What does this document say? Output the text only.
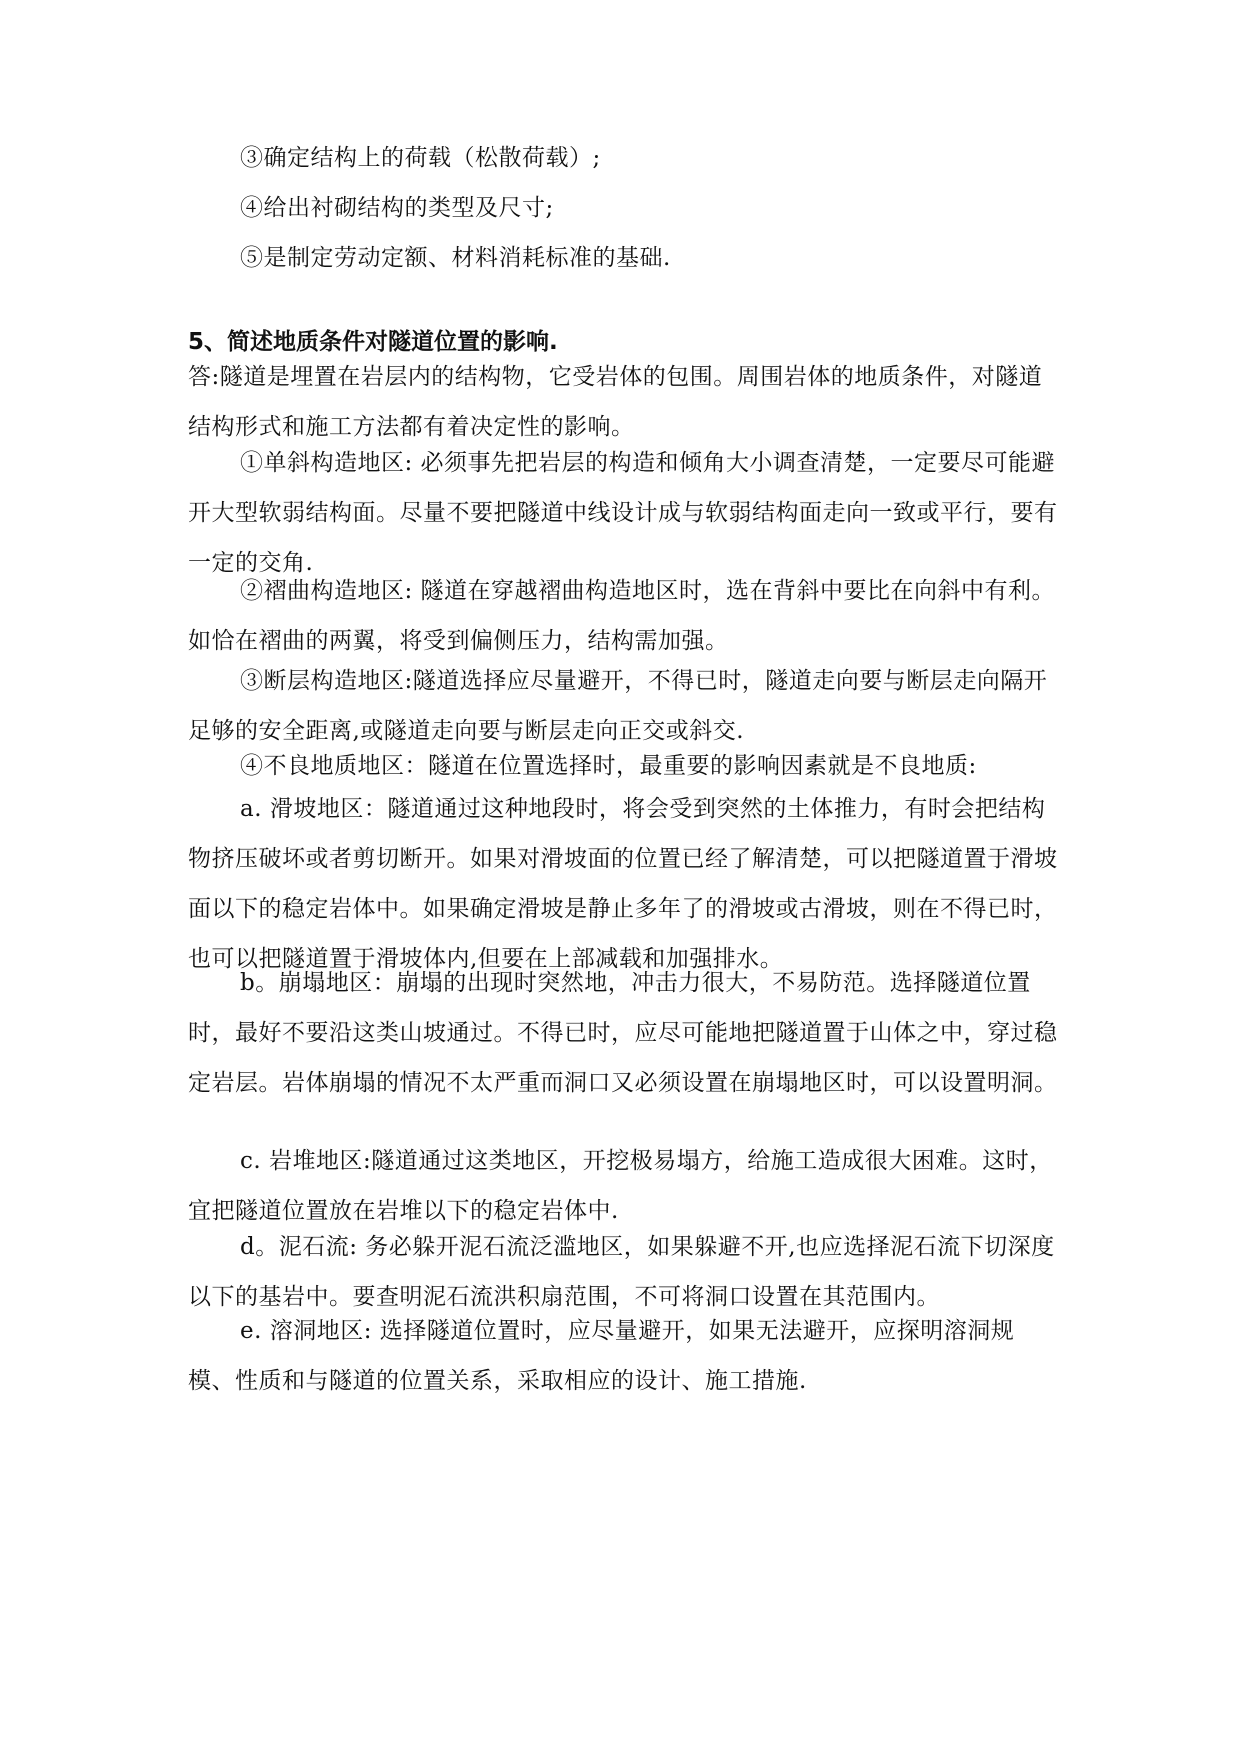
③确定结构上的荷载（松散荷载）;

④给出衬砌结构的类型及尺寸;

⑤是制定劳动定额、材料消耗标准的基础.

5、简述地质条件对隧道位置的影响.

答:隧道是埋置在岩层内的结构物，它受岩体的包围。周围岩体的地质条件，对隧道结构形式和施工方法都有着决定性的影响。

①单斜构造地区: 必须事先把岩层的构造和倾角大小调查清楚，一定要尽可能避开大型软弱结构面。尽量不要把隧道中线设计成与软弱结构面走向一致或平行，要有一定的交角.

②褶曲构造地区: 隧道在穿越褶曲构造地区时，选在背斜中要比在向斜中有利。如恰在褶曲的两翼，将受到偏侧压力，结构需加强。

③断层构造地区:隧道选择应尽量避开，不得已时，隧道走向要与断层走向隔开足够的安全距离,或隧道走向要与断层走向正交或斜交.

④不良地质地区：隧道在位置选择时，最重要的影响因素就是不良地质:

a. 滑坡地区：隧道通过这种地段时，将会受到突然的土体推力，有时会把结构物挤压破坏或者剪切断开。如果对滑坡面的位置已经了解清楚，可以把隧道置于滑坡面以下的稳定岩体中。如果确定滑坡是静止多年了的滑坡或古滑坡，则在不得已时，也可以把隧道置于滑坡体内,但要在上部减载和加强排水。

b。崩塌地区：崩塌的出现时突然地，冲击力很大，不易防范。选择隧道位置时，最好不要沿这类山坡通过。不得已时，应尽可能地把隧道置于山体之中，穿过稳定岩层。岩体崩塌的情况不太严重而洞口又必须设置在崩塌地区时，可以设置明洞。

c. 岩堆地区:隧道通过这类地区，开挖极易塌方，给施工造成很大困难。这时，宜把隧道位置放在岩堆以下的稳定岩体中.

d。泥石流: 务必躲开泥石流泛滥地区，如果躲避不开,也应选择泥石流下切深度以下的基岩中。要查明泥石流洪积扇范围，不可将洞口设置在其范围内。

e. 溶洞地区: 选择隧道位置时，应尽量避开，如果无法避开，应探明溶洞规模、性质和与隧道的位置关系，采取相应的设计、施工措施.
